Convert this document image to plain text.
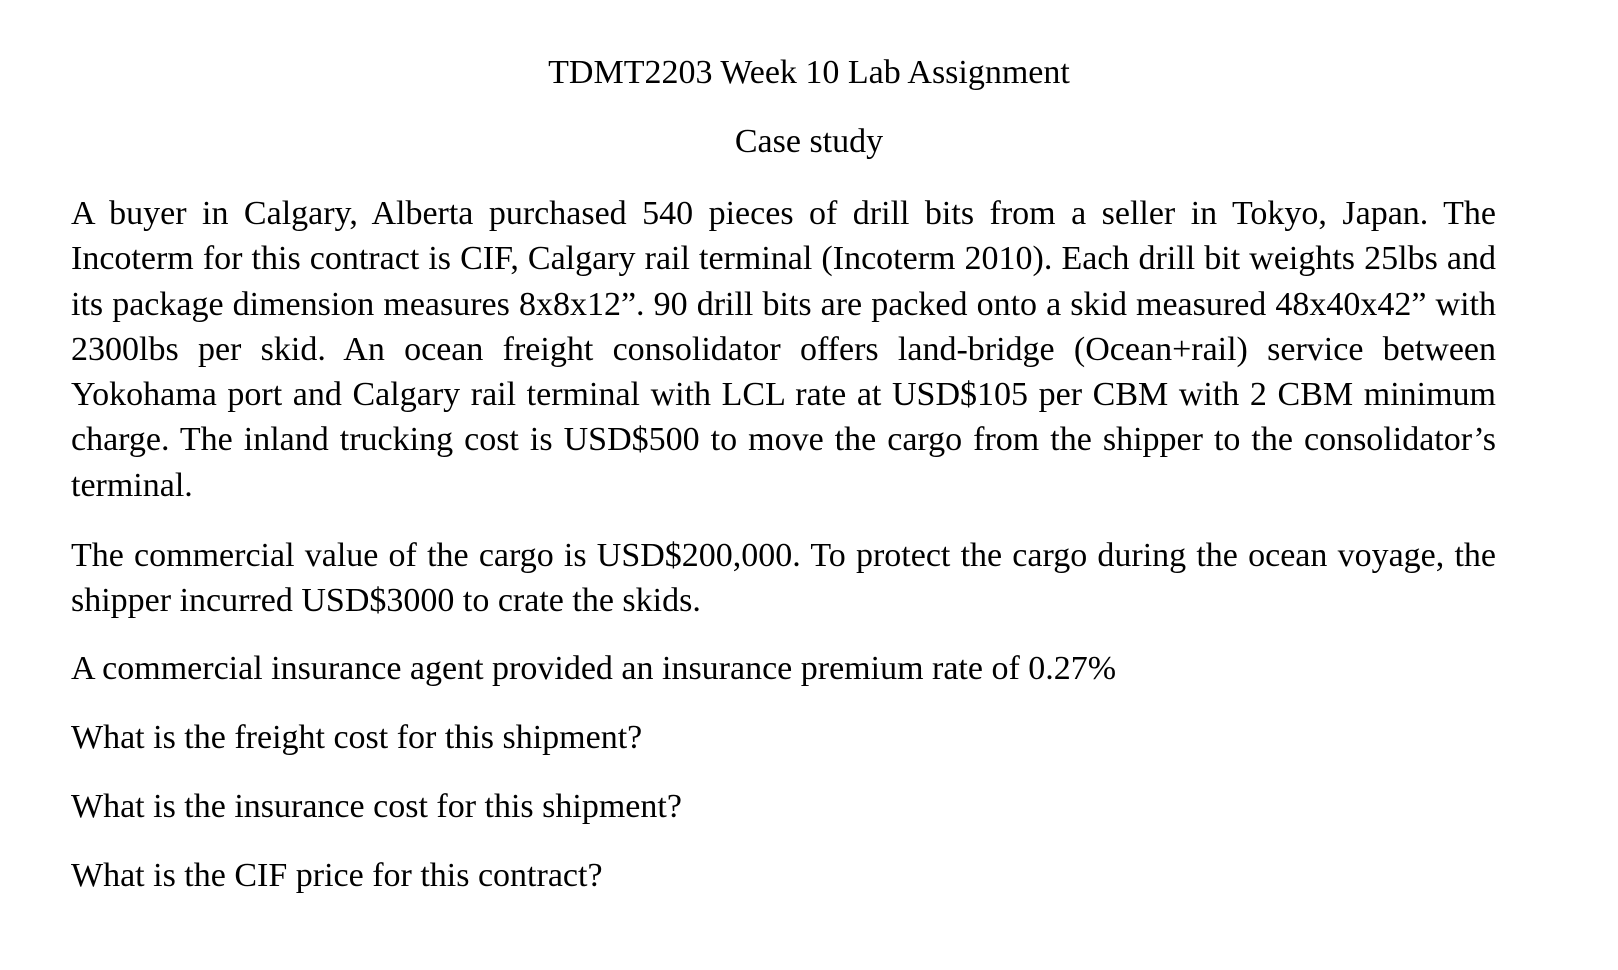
TDMT2203 Week 10 Lab Assignment
Case study

A buyer in Calgary, Alberta purchased 540 pieces of drill bits from a seller in Tokyo, Japan. The Incoterm for this contract is CIF, Calgary rail terminal (Incoterm 2010). Each drill bit weights 25lbs and its package dimension measures 8x8x12”. 90 drill bits are packed onto a skid measured 48x40x42” with 2300lbs per skid. An ocean freight consolidator offers land-bridge (Ocean+rail) service between Yokohama port and Calgary rail terminal with LCL rate at USD$105 per CBM with 2 CBM minimum charge. The inland trucking cost is USD$500 to move the cargo from the shipper to the consolidator’s terminal.

The commercial value of the cargo is USD$200,000. To protect the cargo during the ocean voyage, the shipper incurred USD$3000 to crate the skids.

A commercial insurance agent provided an insurance premium rate of 0.27%

What is the freight cost for this shipment?

What is the insurance cost for this shipment?

What is the CIF price for this contract?
